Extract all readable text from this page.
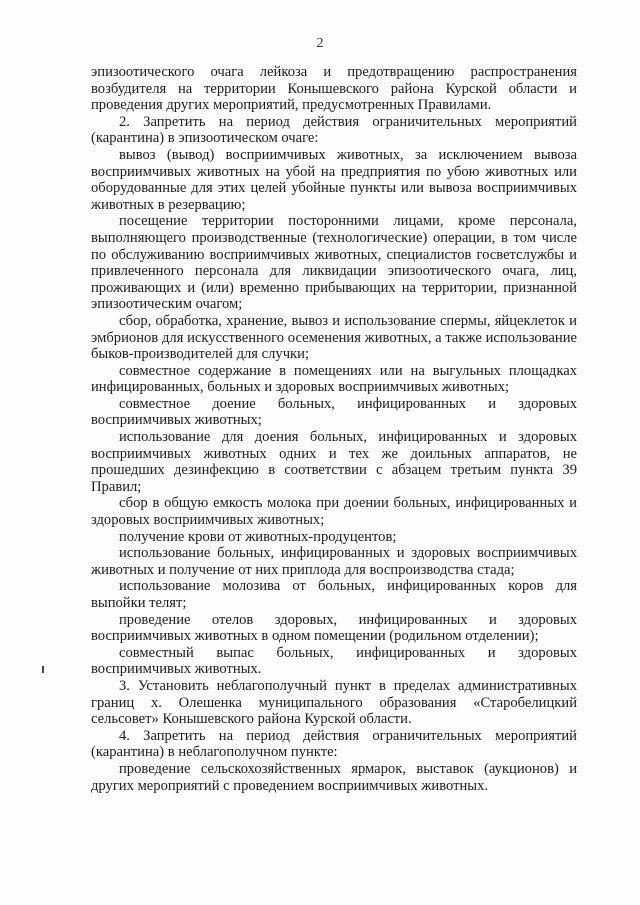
2

эпизоотического очага лейкоза и предотвращению распространения возбудителя на территории Конышевского района Курской области и проведения других мероприятий, предусмотренных Правилами.

2. Запретить на период действия ограничительных мероприятий (карантина) в эпизоотическом очаге:

вывоз (вывод) восприимчивых животных, за исключением вывоза восприимчивых животных на убой на предприятия по убою животных или оборудованные для этих целей убойные пункты или вывоза восприимчивых животных в резервацию;

посещение территории посторонними лицами, кроме персонала, выполняющего производственные (технологические) операции, в том числе по обслуживанию восприимчивых животных, специалистов госветслужбы и привлеченного персонала для ликвидации эпизоотического очага, лиц, проживающих и (или) временно прибывающих на территории, признанной эпизоотическим очагом;

сбор, обработка, хранение, вывоз и использование спермы, яйцеклеток и эмбрионов для искусственного осеменения животных, а также использование быков-производителей для случки;

совместное содержание в помещениях или на выгульных площадках инфицированных, больных и здоровых восприимчивых животных;

совместное доение больных, инфицированных и здоровых восприимчивых животных;

использование для доения больных, инфицированных и здоровых восприимчивых животных одних и тех же доильных аппаратов, не прошедших дезинфекцию в соответствии с абзацем третьим пункта 39 Правил;

сбор в общую емкость молока при доении больных, инфицированных и здоровых восприимчивых животных;

получение крови от животных-продуцентов;

использование больных, инфицированных и здоровых восприимчивых животных и получение от них приплода для воспроизводства стада;

использование молозива от больных, инфицированных коров для выпойки телят;

проведение отелов здоровых, инфицированных и здоровых восприимчивых животных в одном помещении (родильном отделении);

совместный выпас больных, инфицированных и здоровых восприимчивых животных.

3. Установить неблагополучный пункт в пределах административных границ х. Олешенка муниципального образования «Старобелицкий сельсовет» Конышевского района Курской области.

4. Запретить на период действия ограничительных мероприятий (карантина) в неблагополучном пункте:

проведение сельскохозяйственных ярмарок, выставок (аукционов) и других мероприятий с проведением восприимчивых животных.
